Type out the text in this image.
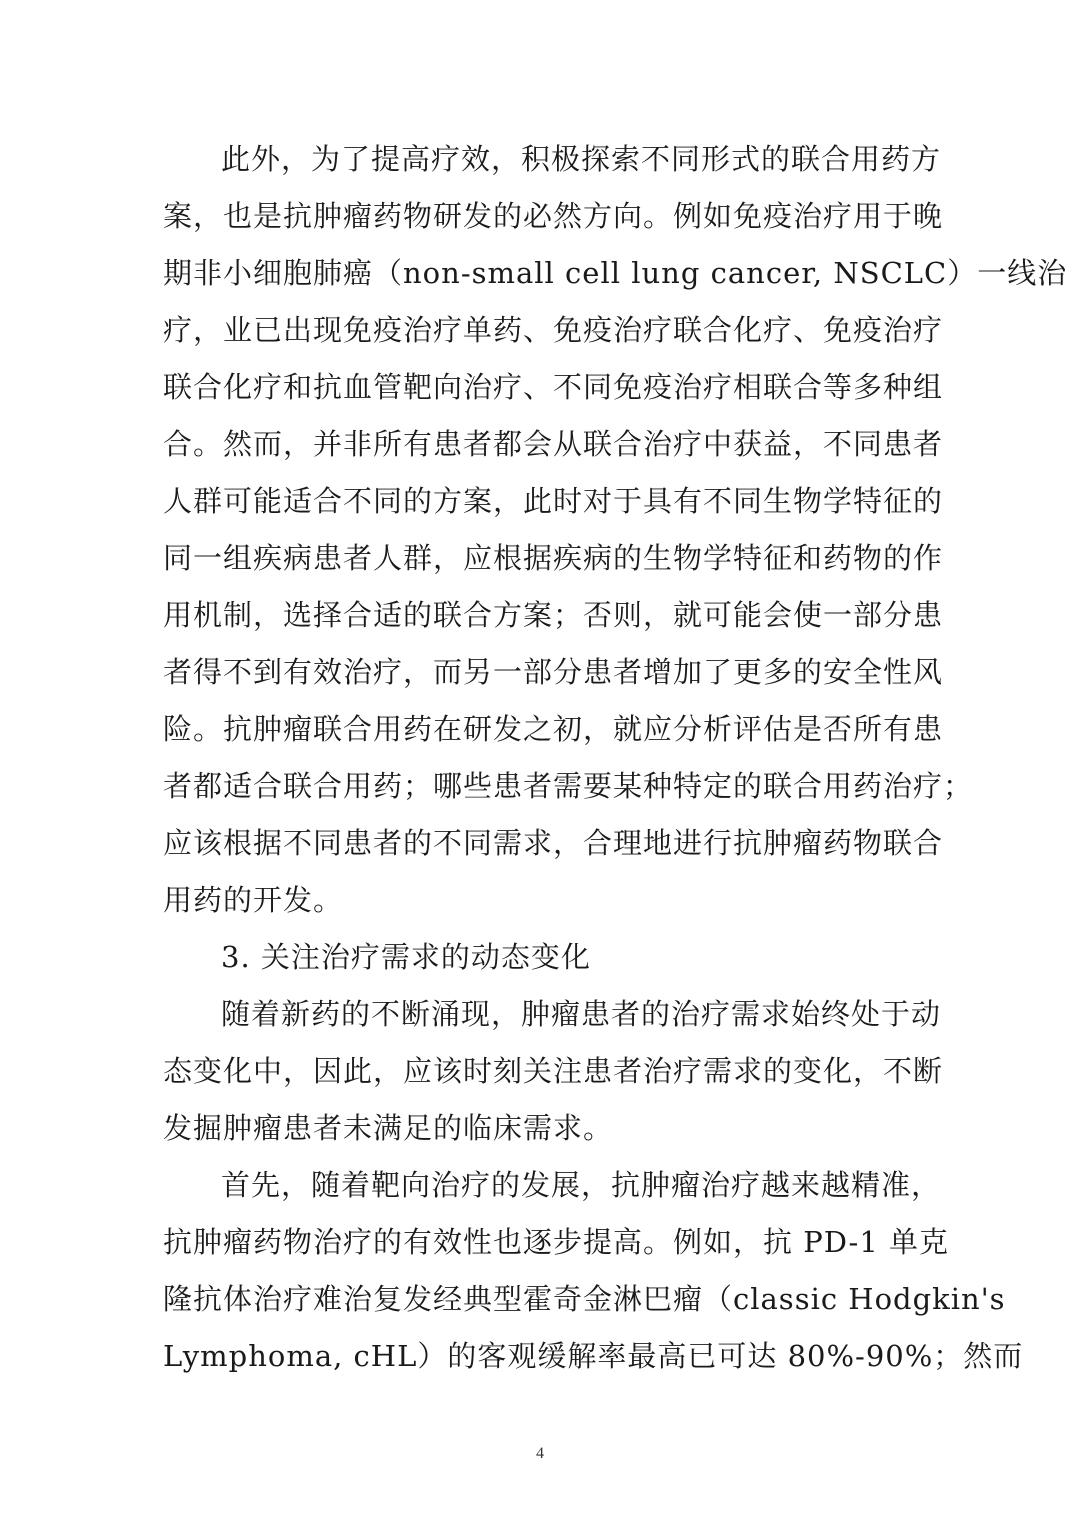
此外，为了提高疗效，积极探索不同形式的联合用药方
案，也是抗肿瘤药物研发的必然方向。例如免疫治疗用于晚
期非小细胞肺癌（non-small cell lung cancer, NSCLC）一线治
疗，业已出现免疫治疗单药、免疫治疗联合化疗、免疫治疗
联合化疗和抗血管靶向治疗、不同免疫治疗相联合等多种组
合。然而，并非所有患者都会从联合治疗中获益，不同患者
人群可能适合不同的方案，此时对于具有不同生物学特征的
同一组疾病患者人群，应根据疾病的生物学特征和药物的作
用机制，选择合适的联合方案；否则，就可能会使一部分患
者得不到有效治疗，而另一部分患者增加了更多的安全性风
险。抗肿瘤联合用药在研发之初，就应分析评估是否所有患
者都适合联合用药；哪些患者需要某种特定的联合用药治疗；
应该根据不同患者的不同需求，合理地进行抗肿瘤药物联合
用药的开发。
3. 关注治疗需求的动态变化
随着新药的不断涌现，肿瘤患者的治疗需求始终处于动
态变化中，因此，应该时刻关注患者治疗需求的变化，不断
发掘肿瘤患者未满足的临床需求。
首先，随着靶向治疗的发展，抗肿瘤治疗越来越精准，
抗肿瘤药物治疗的有效性也逐步提高。例如，抗 PD-1 单克
隆抗体治疗难治复发经典型霍奇金淋巴瘤（classic Hodgkin's
Lymphoma, cHL）的客观缓解率最高已可达 80%-90%；然而
4
